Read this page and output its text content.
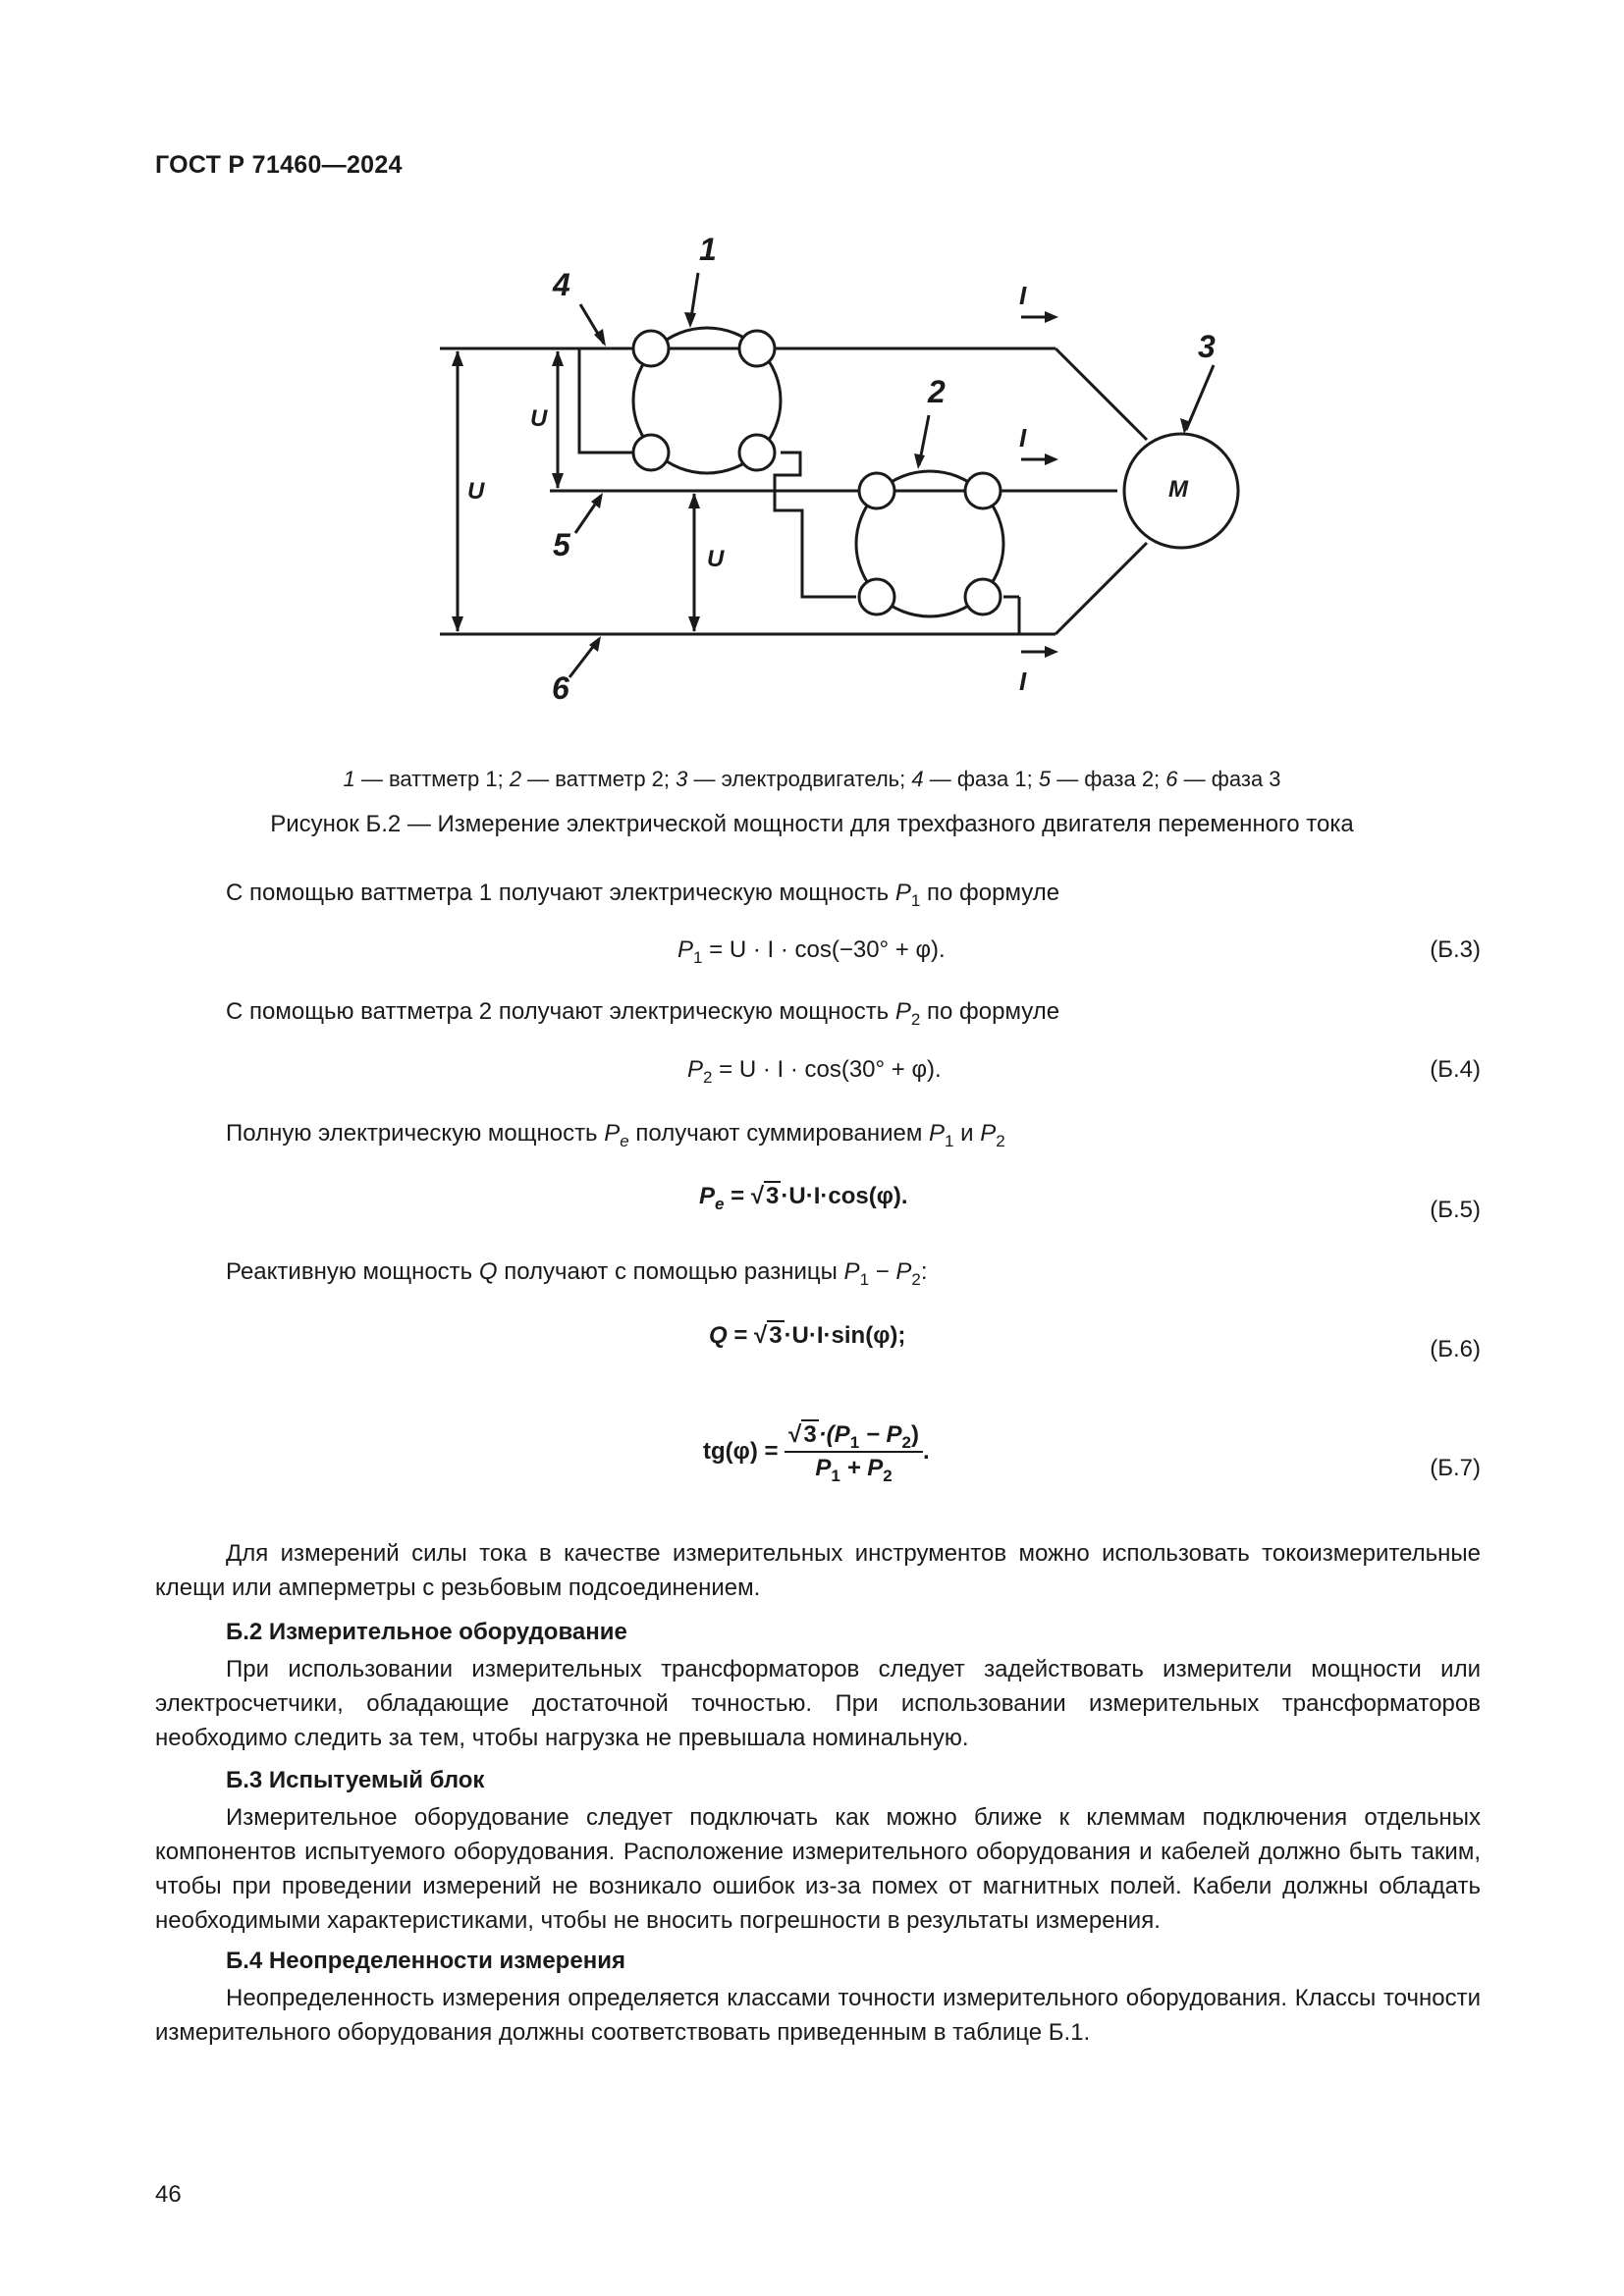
ГОСТ Р 71460—2024
1
4
3
2
5
6
U
U
U
I
I
I
M
1 — ваттметр 1; 2 — ваттметр 2; 3 — электродвигатель; 4 — фаза 1; 5 — фаза 2; 6 — фаза 3
Рисунок Б.2 — Измерение электрической мощности для трехфазного двигателя переменного тока
С помощью ваттметра 1 получают электрическую мощность $P_1$ по формуле
$P_1 = U \cdot I \cdot \cos(-30^\circ + \varphi)$.	(Б.3)
С помощью ваттметра 2 получают электрическую мощность $P_2$ по формуле
$P_2 = U \cdot I \cdot \cos(30^\circ + \varphi)$.	(Б.4)
Полную электрическую мощность $P_e$ получают суммированием $P_1$ и $P_2$
$P_e = √3\cdot U\cdot I\cdot\cos(\varphi)$.
(Б.5)
Реактивную мощность Q получают с помощью разницы $P_1 - P_2$:
Q = √3·U·I·sin(φ);
(Б.6)
$tg(\varphi) = \frac{√3\cdot(P_1 - P_2)}{P_1 + P_2}$ .
(Б.7)
Для измерений силы тока в качестве измерительных инструментов можно использовать токоизмерительные клещи или амперметры с резьбовым подсоединением.
Б.2 Измерительное оборудование
При использовании измерительных трансформаторов следует задействовать измерители мощности или электросчетчики, обладающие достаточной точностью. При использовании измерительных трансформаторов необходимо следить за тем, чтобы нагрузка не превышала номинальную.
Б.3 Испытуемый блок
Измерительное оборудование следует подключать как можно ближе к клеммам подключения отдельных компонентов испытуемого оборудования. Расположение измерительного оборудования и кабелей должно быть таким, чтобы при проведении измерений не возникало ошибок из-за помех от магнитных полей. Кабели должны обладать необходимыми характеристиками, чтобы не вносить погрешности в результаты измерения.
Б.4 Неопределенности измерения
Неопределенность измерения определяется классами точности измерительного оборудования. Классы точности измерительного оборудования должны соответствовать приведенным в таблице Б.1.
46
